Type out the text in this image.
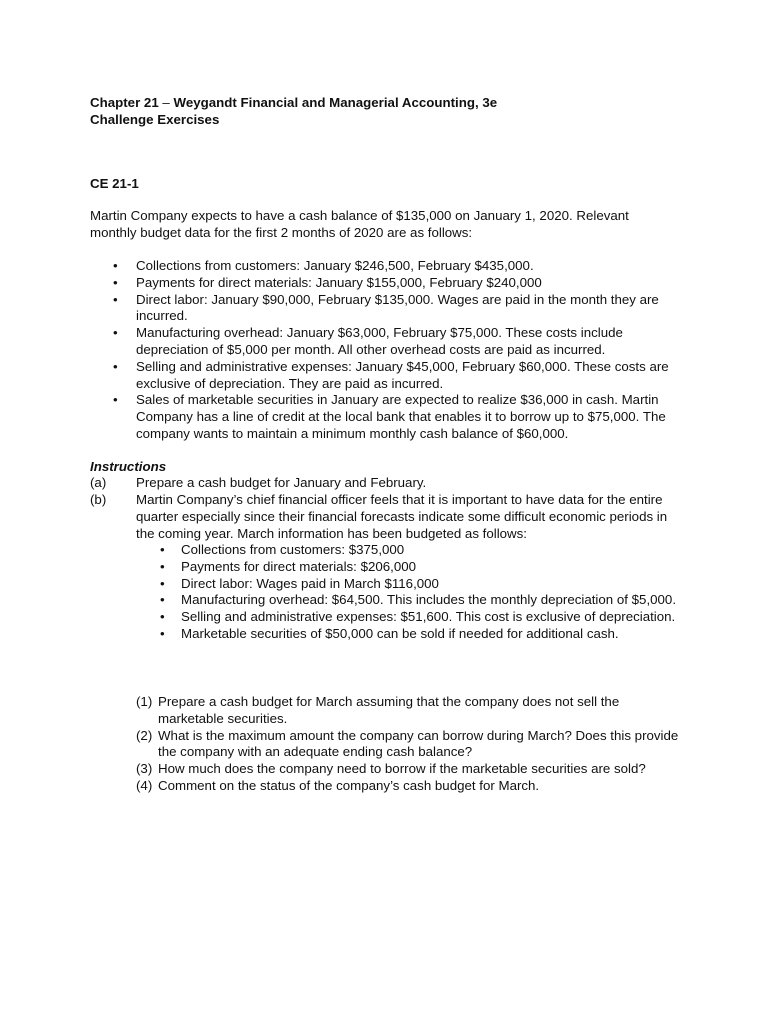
Chapter 21 – Weygandt Financial and Managerial Accounting, 3e
Challenge Exercises
CE 21-1
Martin Company expects to have a cash balance of $135,000 on January 1, 2020. Relevant monthly budget data for the first 2 months of 2020 are as follows:
• Collections from customers: January $246,500, February $435,000.
• Payments for direct materials: January $155,000, February $240,000
• Direct labor: January $90,000, February $135,000. Wages are paid in the month they are incurred.
• Manufacturing overhead: January $63,000, February $75,000. These costs include depreciation of $5,000 per month. All other overhead costs are paid as incurred.
• Selling and administrative expenses: January $45,000, February $60,000. These costs are exclusive of depreciation. They are paid as incurred.
• Sales of marketable securities in January are expected to realize $36,000 in cash. Martin Company has a line of credit at the local bank that enables it to borrow up to $75,000. The company wants to maintain a minimum monthly cash balance of $60,000.
Instructions
(a) Prepare a cash budget for January and February.
(b) Martin Company’s chief financial officer feels that it is important to have data for the entire quarter especially since their financial forecasts indicate some difficult economic periods in the coming year. March information has been budgeted as follows:
• Collections from customers: $375,000
• Payments for direct materials: $206,000
• Direct labor: Wages paid in March $116,000
• Manufacturing overhead: $64,500. This includes the monthly depreciation of $5,000.
• Selling and administrative expenses: $51,600. This cost is exclusive of depreciation.
• Marketable securities of $50,000 can be sold if needed for additional cash.
(1) Prepare a cash budget for March assuming that the company does not sell the marketable securities.
(2) What is the maximum amount the company can borrow during March? Does this provide the company with an adequate ending cash balance?
(3) How much does the company need to borrow if the marketable securities are sold?
(4) Comment on the status of the company’s cash budget for March.
